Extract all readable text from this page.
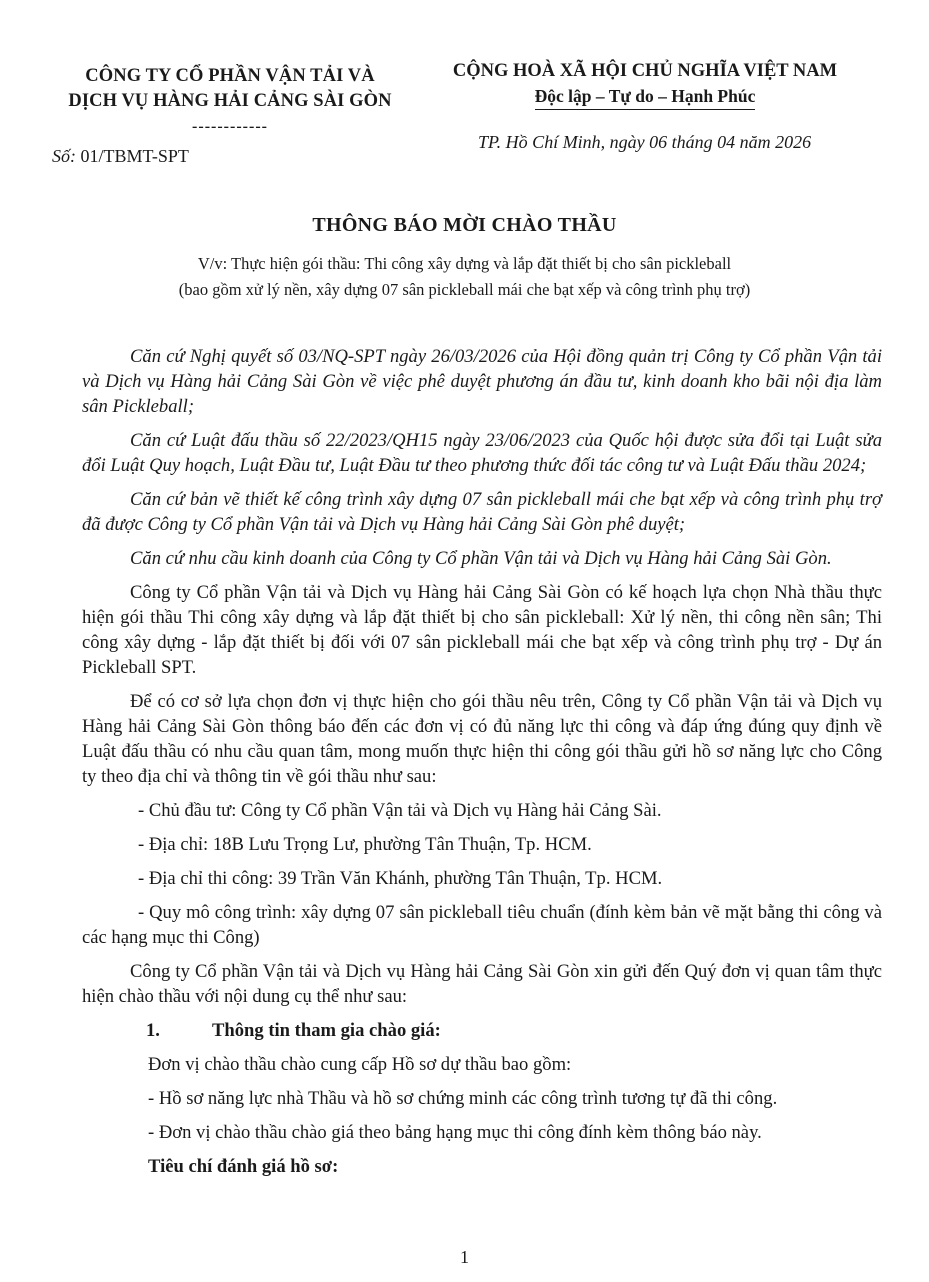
CÔNG TY CỔ PHẦN VẬN TẢI VÀ
DỊCH VỤ HÀNG HẢI CẢNG SÀI GÒN
------------
Số: 01/TBMT-SPT
CỘNG HOÀ XÃ HỘI CHỦ NGHĨA VIỆT NAM
Độc lập – Tự do – Hạnh Phúc
TP. Hồ Chí Minh, ngày 06 tháng 04 năm 2026
THÔNG BÁO MỜI CHÀO THẦU
V/v: Thực hiện gói thầu: Thi công xây dựng và lắp đặt thiết bị cho sân pickleball
(bao gồm xử lý nền, xây dựng 07 sân pickleball mái che bạt xếp và công trình phụ trợ)

Căn cứ Nghị quyết số 03/NQ-SPT ngày 26/03/2026 của Hội đồng quản trị Công ty Cổ phần Vận tải và Dịch vụ Hàng hải Cảng Sài Gòn về việc phê duyệt phương án đầu tư, kinh doanh kho bãi nội địa làm sân Pickleball;

Căn cứ Luật đấu thầu số 22/2023/QH15 ngày 23/06/2023 của Quốc hội được sửa đổi tại Luật sửa đổi Luật Quy hoạch, Luật Đầu tư, Luật Đầu tư theo phương thức đối tác công tư và Luật Đấu thầu 2024;

Căn cứ bản vẽ thiết kế công trình xây dựng 07 sân pickleball mái che bạt xếp và công trình phụ trợ đã được Công ty Cổ phần Vận tải và Dịch vụ Hàng hải Cảng Sài Gòn phê duyệt;

Căn cứ nhu cầu kinh doanh của Công ty Cổ phần Vận tải và Dịch vụ Hàng hải Cảng Sài Gòn.

Công ty Cổ phần Vận tải và Dịch vụ Hàng hải Cảng Sài Gòn có kế hoạch lựa chọn Nhà thầu thực hiện gói thầu Thi công xây dựng và lắp đặt thiết bị cho sân pickleball: Xử lý nền, thi công nền sân; Thi công xây dựng - lắp đặt thiết bị đối với 07 sân pickleball mái che bạt xếp và công trình phụ trợ - Dự án Pickleball SPT.

Để có cơ sở lựa chọn đơn vị thực hiện cho gói thầu nêu trên, Công ty Cổ phần Vận tải và Dịch vụ Hàng hải Cảng Sài Gòn thông báo đến các đơn vị có đủ năng lực thi công và đáp ứng đúng quy định về Luật đấu thầu có nhu cầu quan tâm, mong muốn thực hiện thi công gói thầu gửi hồ sơ năng lực cho Công ty theo địa chỉ và thông tin về gói thầu như sau:

- Chủ đầu tư: Công ty Cổ phần Vận tải và Dịch vụ Hàng hải Cảng Sài.

- Địa chỉ: 18B Lưu Trọng Lư, phường Tân Thuận, Tp. HCM.

- Địa chỉ thi công: 39 Trần Văn Khánh, phường Tân Thuận, Tp. HCM.

- Quy mô công trình: xây dựng 07 sân pickleball tiêu chuẩn (đính kèm bản vẽ mặt bằng thi công và các hạng mục thi Công)

Công ty Cổ phần Vận tải và Dịch vụ Hàng hải Cảng Sài Gòn xin gửi đến Quý đơn vị quan tâm thực hiện chào thầu với nội dung cụ thể như sau:

1.	Thông tin tham gia chào giá:

Đơn vị chào thầu chào cung cấp Hồ sơ dự thầu bao gồm:

- Hồ sơ năng lực nhà Thầu và hồ sơ chứng minh các công trình tương tự đã thi công.

- Đơn vị chào thầu chào giá theo bảng hạng mục thi công đính kèm thông báo này.

Tiêu chí đánh giá hồ sơ:

1
